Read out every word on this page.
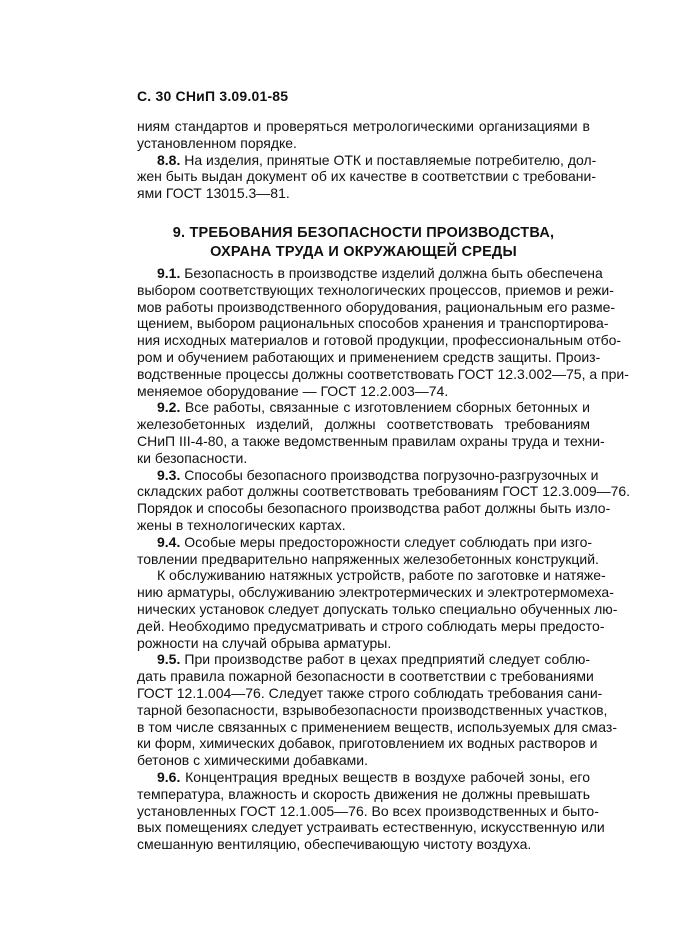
С. 30 СНиП 3.09.01-85
ниям стандартов и проверяться метрологическими организациями в
установленном порядке.
8.8. На изделия, принятые ОТК и поставляемые потребителю, дол-
жен быть выдан документ об их качестве в соответствии с требовани-
ями ГОСТ 13015.3—81.
9. ТРЕБОВАНИЯ БЕЗОПАСНОСТИ ПРОИЗВОДСТВА,
ОХРАНА ТРУДА И ОКРУЖАЮЩЕЙ СРЕДЫ
9.1. Безопасность в производстве изделий должна быть обеспечена
выбором соответствующих технологических процессов, приемов и режи-
мов работы производственного оборудования, рациональным его разме-
щением, выбором рациональных способов хранения и транспортирова-
ния исходных материалов и готовой продукции, профессиональным отбо-
ром и обучением работающих и применением средств защиты. Произ-
водственные процессы должны соответствовать ГОСТ 12.3.002—75, а при-
меняемое оборудование — ГОСТ 12.2.003—74.
9.2. Все работы, связанные с изготовлением сборных бетонных и
железобетонных изделий, должны соответствовать требованиям
СНиП III-4-80, а также ведомственным правилам охраны труда и техни-
ки безопасности.
9.3. Способы безопасного производства погрузочно-разгрузочных и
складских работ должны соответствовать требованиям ГОСТ 12.3.009—76.
Порядок и способы безопасного производства работ должны быть изло-
жены в технологических картах.
9.4. Особые меры предосторожности следует соблюдать при изго-
товлении предварительно напряженных железобетонных конструкций.
К обслуживанию натяжных устройств, работе по заготовке и натяже-
нию арматуры, обслуживанию электротермических и электротермомеха-
нических установок следует допускать только специально обученных лю-
дей. Необходимо предусматривать и строго соблюдать меры предосто-
рожности на случай обрыва арматуры.
9.5. При производстве работ в цехах предприятий следует соблю-
дать правила пожарной безопасности в соответствии с требованиями
ГОСТ 12.1.004—76. Следует также строго соблюдать требования сани-
тарной безопасности, взрывобезопасности производственных участков,
в том числе связанных с применением веществ, используемых для смаз-
ки форм, химических добавок, приготовлением их водных растворов и
бетонов с химическими добавками.
9.6. Концентрация вредных веществ в воздухе рабочей зоны, его
температура, влажность и скорость движения не должны превышать
установленных ГОСТ 12.1.005—76. Во всех производственных и быто-
вых помещениях следует устраивать естественную, искусственную или
смешанную вентиляцию, обеспечивающую чистоту воздуха.
